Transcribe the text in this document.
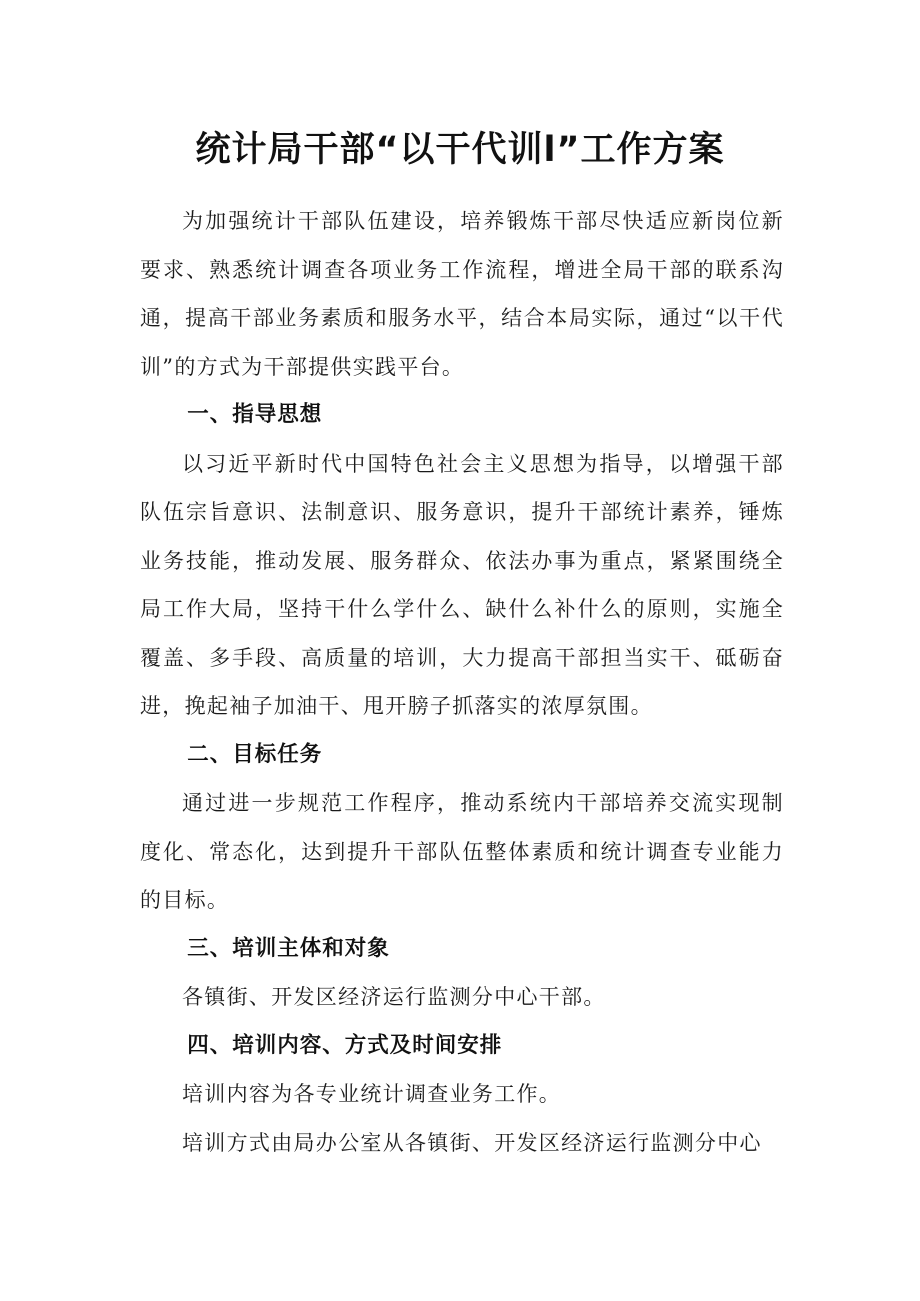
统计局干部“以干代训l”工作方案

为加强统计干部队伍建设，培养锻炼干部尽快适应新岗位新要求、熟悉统计调查各项业务工作流程，增进全局干部的联系沟通，提高干部业务素质和服务水平，结合本局实际，通过“以干代训”的方式为干部提供实践平台。

一、指导思想

以习近平新时代中国特色社会主义思想为指导，以增强干部队伍宗旨意识、法制意识、服务意识，提升干部统计素养，锤炼业务技能，推动发展、服务群众、依法办事为重点，紧紧围绕全局工作大局，坚持干什么学什么、缺什么补什么的原则，实施全覆盖、多手段、高质量的培训，大力提高干部担当实干、砥砺奋进，挽起袖子加油干、甩开膀子抓落实的浓厚氛围。

二、目标任务

通过进一步规范工作程序，推动系统内干部培养交流实现制度化、常态化，达到提升干部队伍整体素质和统计调查专业能力的目标。

三、培训主体和对象

各镇街、开发区经济运行监测分中心干部。

四、培训内容、方式及时间安排

培训内容为各专业统计调查业务工作。

培训方式由局办公室从各镇街、开发区经济运行监测分中心
